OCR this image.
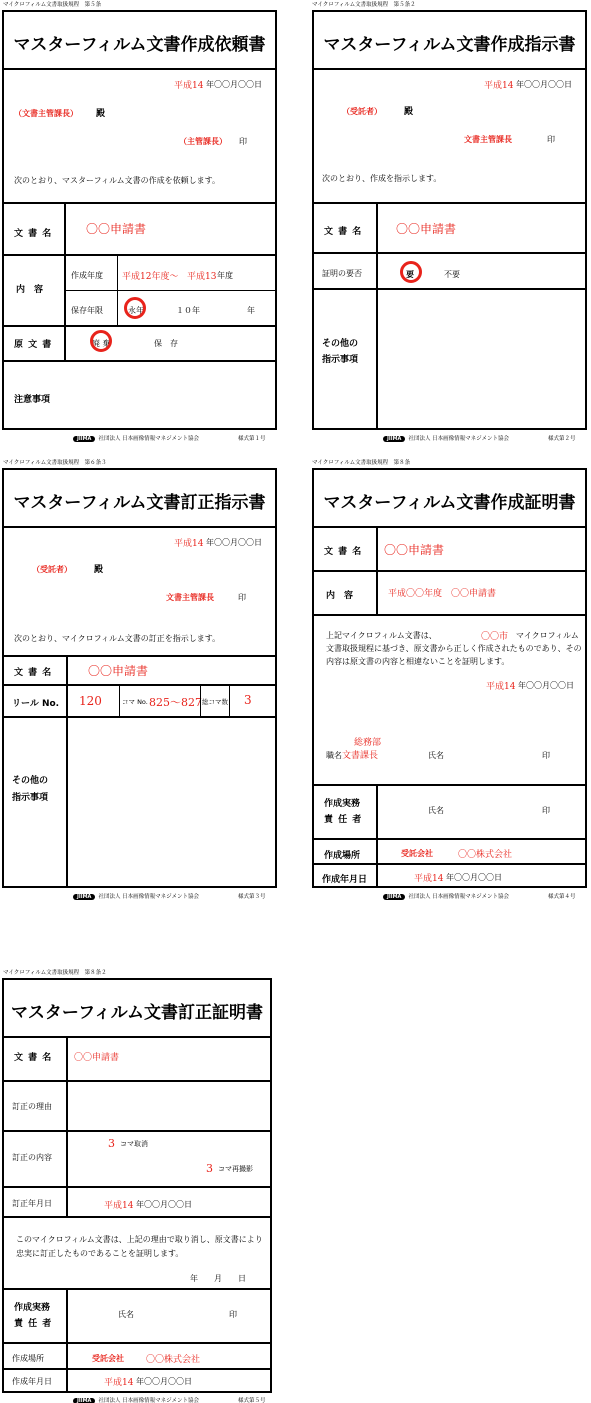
マイクロフィルム文書取扱規程　第５条
マスターフィルム文書作成依頼書
平成14 年〇〇月〇〇日
（文書主管課長） 殿
（主管課長） 印
次のとおり、マスターフィルム文書の作成を依頼します。
文 書 名	〇〇申請書
内　容
作成年度 平成12年度～ 平成13 年度
保存年限	永年	１０年	年
原 文 書	廃 棄	保　存
注意事項
JIIMA 社団法人 日本画像情報マネジメント協会	様式第１号
マイクロフィルム文書取扱規程　第５条２
マスターフィルム文書作成指示書
平成14 年〇〇月〇〇日
（受託者） 殿
文書主管課長	印
次のとおり、作成を指示します。
文 書 名	〇〇申請書
証明の要否	要	不要
その他の
指示事項
JIIMA 社団法人 日本画像情報マネジメント協会	様式第２号
マイクロフィルム文書取扱規程　第６条３
マスターフィルム文書訂正指示書
平成14 年〇〇月〇〇日
（受託者） 殿
文書主管課長	印
次のとおり、マイクロフィルム文書の訂正を指示します。
文 書 名	〇〇申請書
リール No. 120	コマ No. 825～827 総コマ数 3
その他の
指示事項
JIIMA 社団法人 日本画像情報マネジメント協会	様式第３号
マイクロフィルム文書取扱規程　第８条
マスターフィルム文書作成証明書
文 書 名 〇〇申請書
内　容	平成〇〇年度　〇〇申請書
上記マイクロフィルム文書は、	〇〇市 マイクロフィルム
文書取扱規程に基づき、原文書から正しく作成されたものであり、その
内容は原文書の内容と相違ないことを証明します。
平成14 年〇〇月〇〇日
総務部
職名 文書課長	氏名	印
作成実務
責 任 者
氏名	印
作成場所	受託会社	〇〇株式会社
作成年月日	平成14 年〇〇月〇〇日
JIIMA 社団法人 日本画像情報マネジメント協会	様式第４号
マイクロフィルム文書取扱規程　第８条２
マスターフィルム文書訂正証明書
文 書 名 〇〇申請書
訂正の理由
訂正の内容
3 コマ取消
3 コマ再撮影
訂正年月日	平成14 年〇〇月〇〇日
このマイクロフィルム文書は、上記の理由で取り消し、原文書により
忠実に訂正したものであることを証明します。
年　　月　　日
作成実務
責 任 者
氏名	印
作成場所	受託会社 〇〇株式会社
作成年月日	平成14 年〇〇月〇〇日
JIIMA 社団法人 日本画像情報マネジメント協会	様式第５号
